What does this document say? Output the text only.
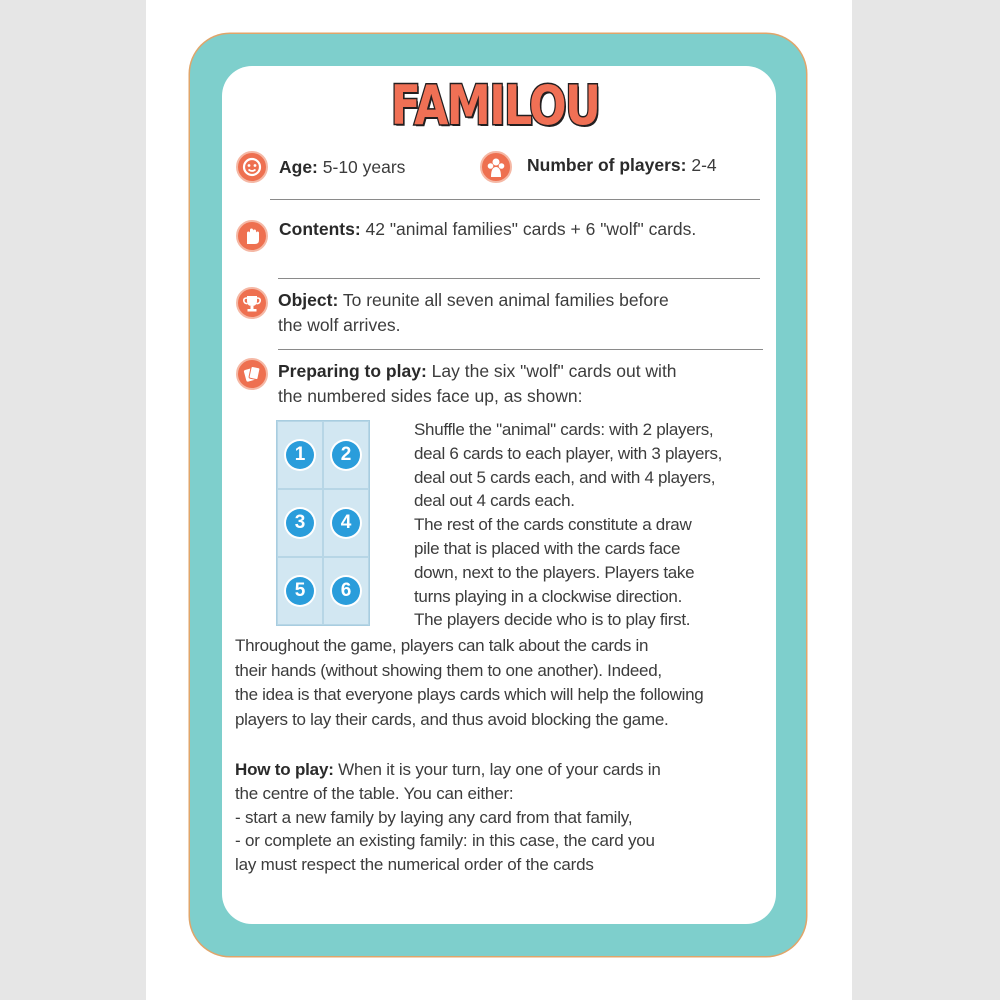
FAMILOU
Age: 5-10 years	Number of players: 2-4
Contents: 42 "animal families" cards + 6 "wolf" cards.
Object: To reunite all seven animal families before
the wolf arrives.
Preparing to play: Lay the six "wolf" cards out with
the numbered sides face up, as shown:
1	2
3	4
5	6
Shuffle the "animal" cards: with 2 players,
deal 6 cards to each player, with 3 players,
deal out 5 cards each, and with 4 players,
deal out 4 cards each.
The rest of the cards constitute a draw
pile that is placed with the cards face
down, next to the players. Players take
turns playing in a clockwise direction.
The players decide who is to play first.
Throughout the game, players can talk about the cards in
their hands (without showing them to one another). Indeed,
the idea is that everyone plays cards which will help the following
players to lay their cards, and thus avoid blocking the game.
How to play: When it is your turn, lay one of your cards in
the centre of the table. You can either:
- start a new family by laying any card from that family,
- or complete an existing family: in this case, the card you
lay must respect the numerical order of the cards
